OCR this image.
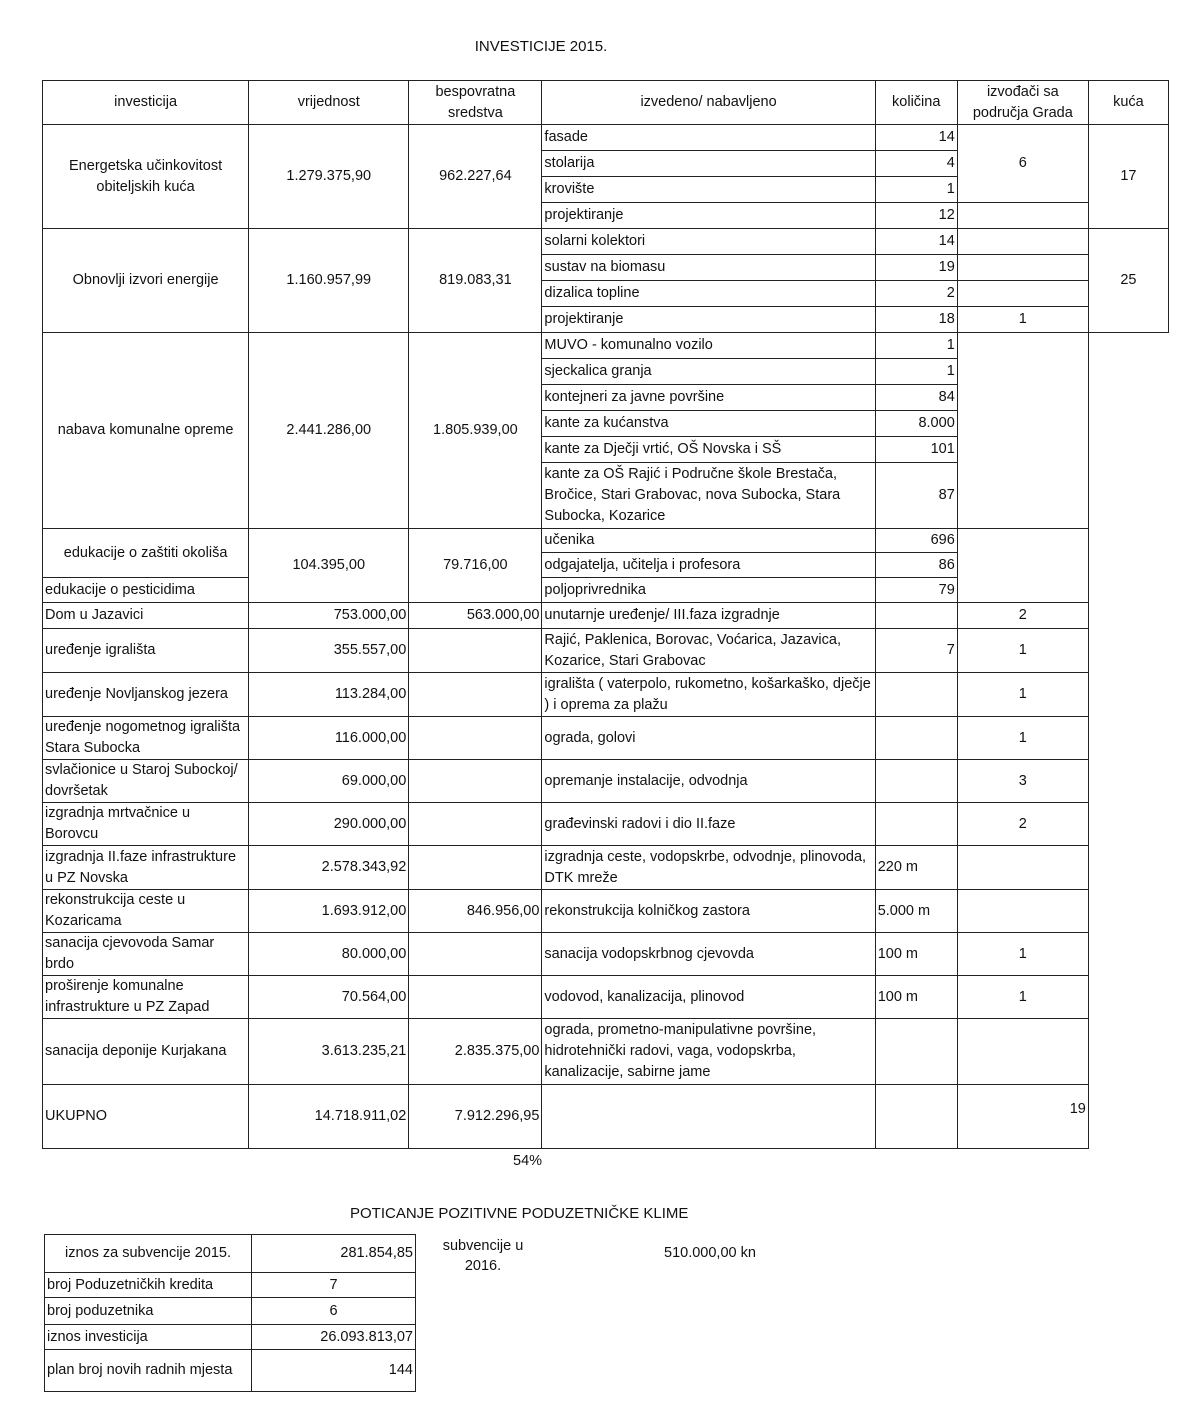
INVESTICIJE 2015.
investicija	vrijednost	bespovratna sredstva	izvedeno/ nabavljeno	količina	izvođači sa područja Grada	kuća
Energetska učinkovitost obiteljskih kuća	1.279.375,90	962.227,64	fasade	14	6	17
			stolarija	4		
			krovište	1		
			projektiranje	12		
Obnovlji izvori energije	1.160.957,99	819.083,31	solarni kolektori	14		25
			sustav na biomasu	19		
			dizalica topline	2		
			projektiranje	18	1	
nabava komunalne opreme	2.441.286,00	1.805.939,00	MUVO - komunalno vozilo	1		
			sjeckalica granja	1		
			kontejneri za javne površine	84		
			kante za kućanstva	8.000		
			kante za Dječji vrtić, OŠ Novska i SŠ	101		
			kante za OŠ Rajić i Područne škole Brestača, Bročice, Stari Grabovac, nova Subocka, Stara Subocka, Kozarice	87		
edukacije o zaštiti okoliša	104.395,00	79.716,00	učenika	696		
			odgajatelja, učitelja i profesora	86		
edukacije o pesticidima			poljoprivrednika	79		
Dom u Jazavici	753.000,00	563.000,00	unutarnje uređenje/ III.faza izgradnje		2	
uređenje igrališta	355.557,00		Rajić, Paklenica, Borovac, Voćarica, Jazavica, Kozarice, Stari Grabovac	7	1	
uređenje Novljanskog jezera	113.284,00		igrališta ( vaterpolo, rukometno, košarkaško, dječje ) i oprema za plažu		1	
uređenje nogometnog igrališta Stara Subocka	116.000,00		ograda, golovi		1	
svlačionice u Staroj Subockoj/ dovršetak	69.000,00		opremanje instalacije, odvodnja		3	
izgradnja mrtvačnice u Borovcu	290.000,00		građevinski radovi i dio II.faze		2	
izgradnja II.faze infrastrukture u PZ Novska	2.578.343,92		izgradnja ceste, vodopskrbe, odvodnje, plinovoda, DTK mreže	220 m		
rekonstrukcija ceste u Kozaricama	1.693.912,00	846.956,00	rekonstrukcija kolničkog zastora	5.000 m		
sanacija cjevovoda Samar brdo	80.000,00		sanacija vodopskrbnog cjevovda	100 m	1	
proširenje komunalne infrastrukture u PZ Zapad	70.564,00		vodovod, kanalizacija, plinovod	100 m	1	
sanacija deponije Kurjakana	3.613.235,21	2.835.375,00	ograda, prometno-manipulativne površine, hidrotehnički radovi, vaga, vodopskrba, kanalizacije, sabirne jame			
UKUPNO	14.718.911,02	7.912.296,95			19	
54%
POTICANJE POZITIVNE PODUZETNIČKE KLIME
iznos za subvencije 2015.	281.854,85
broj Poduzetničkih kredita	7
broj poduzetnika	6
iznos investicija	26.093.813,07
plan broj novih radnih mjesta	144
subvencije u 2016.
510.000,00 kn
